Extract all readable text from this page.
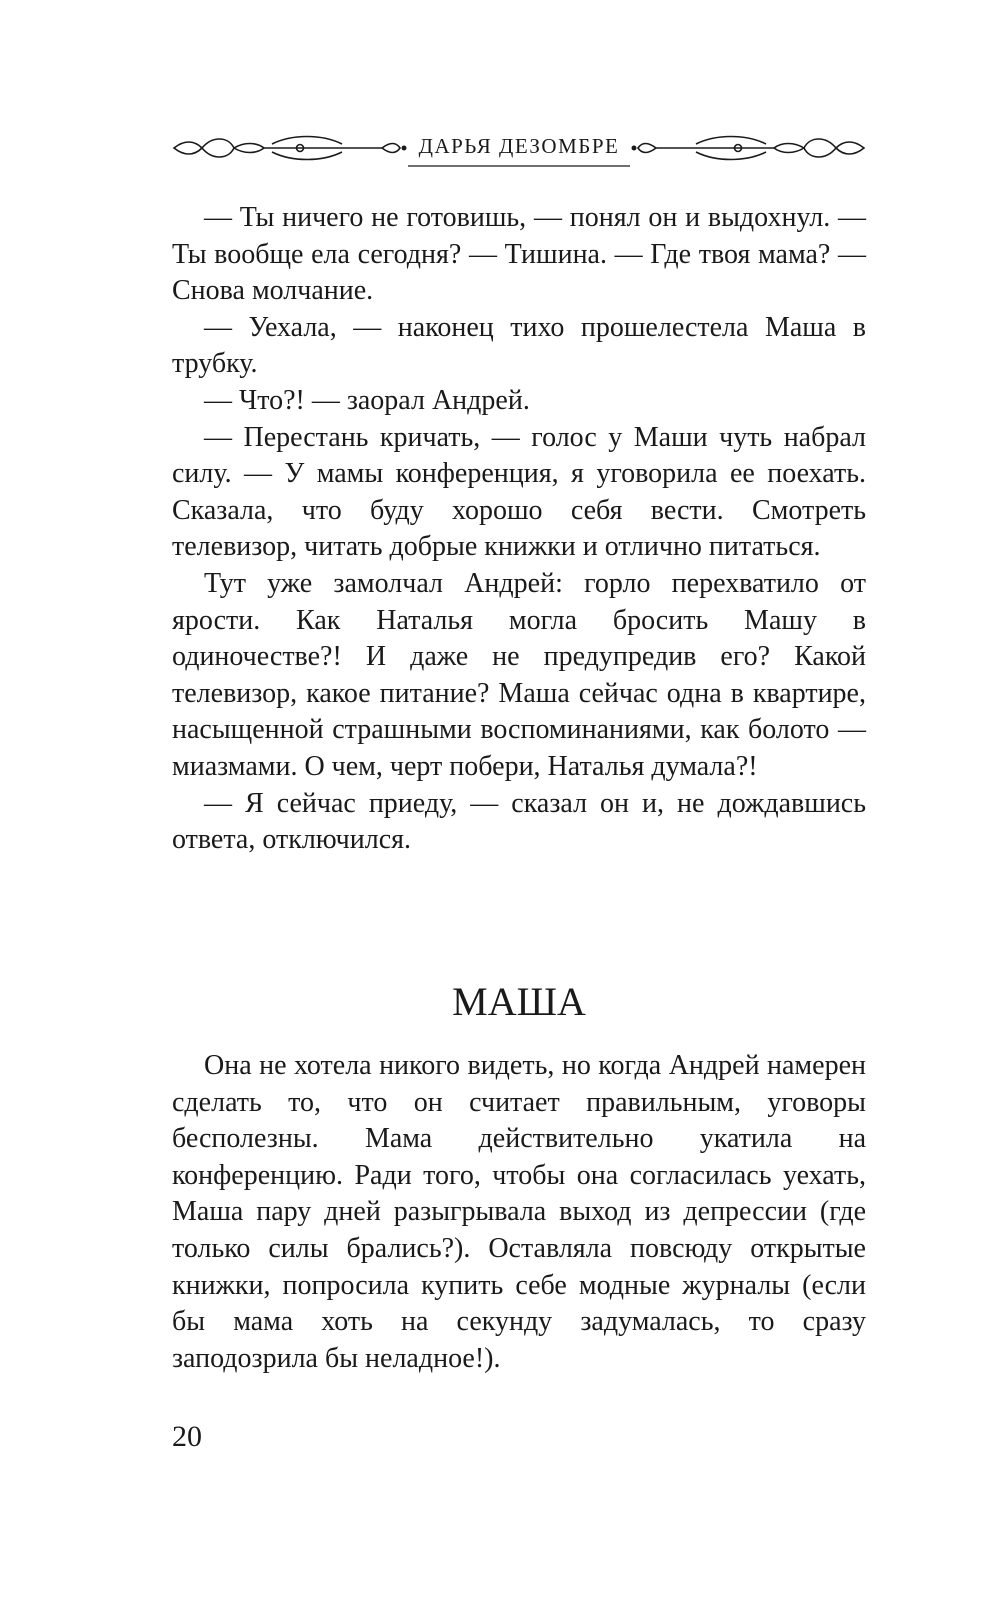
ДАРЬЯ ДЕЗОМБРЕ

— Ты ничего не готовишь, — понял он и выдохнул. — Ты вообще ела сегодня? — Тишина. — Где твоя мама? — Снова молчание.

— Уехала, — наконец тихо прошелестела Маша в трубку.

— Что?! — заорал Андрей.

— Перестань кричать, — голос у Маши чуть набрал силу. — У мамы конференция, я уговорила ее поехать. Сказала, что буду хорошо себя вести. Смотреть телевизор, читать добрые книжки и отлично питаться.

Тут уже замолчал Андрей: горло перехватило от ярости. Как Наталья могла бросить Машу в одиночестве?! И даже не предупредив его? Какой телевизор, какое питание? Маша сейчас одна в квартире, насыщенной страшными воспоминаниями, как болото — миазмами. О чем, черт побери, Наталья думала?!

— Я сейчас приеду, — сказал он и, не дождавшись ответа, отключился.

МАША

Она не хотела никого видеть, но когда Андрей намерен сделать то, что он считает правильным, уговоры бесполезны. Мама действительно укатила на конференцию. Ради того, чтобы она согласилась уехать, Маша пару дней разыгрывала выход из депрессии (где только силы брались?). Оставляла повсюду открытые книжки, попросила купить себе модные журналы (если бы мама хоть на секунду задумалась, то сразу заподозрила бы неладное!).

20
